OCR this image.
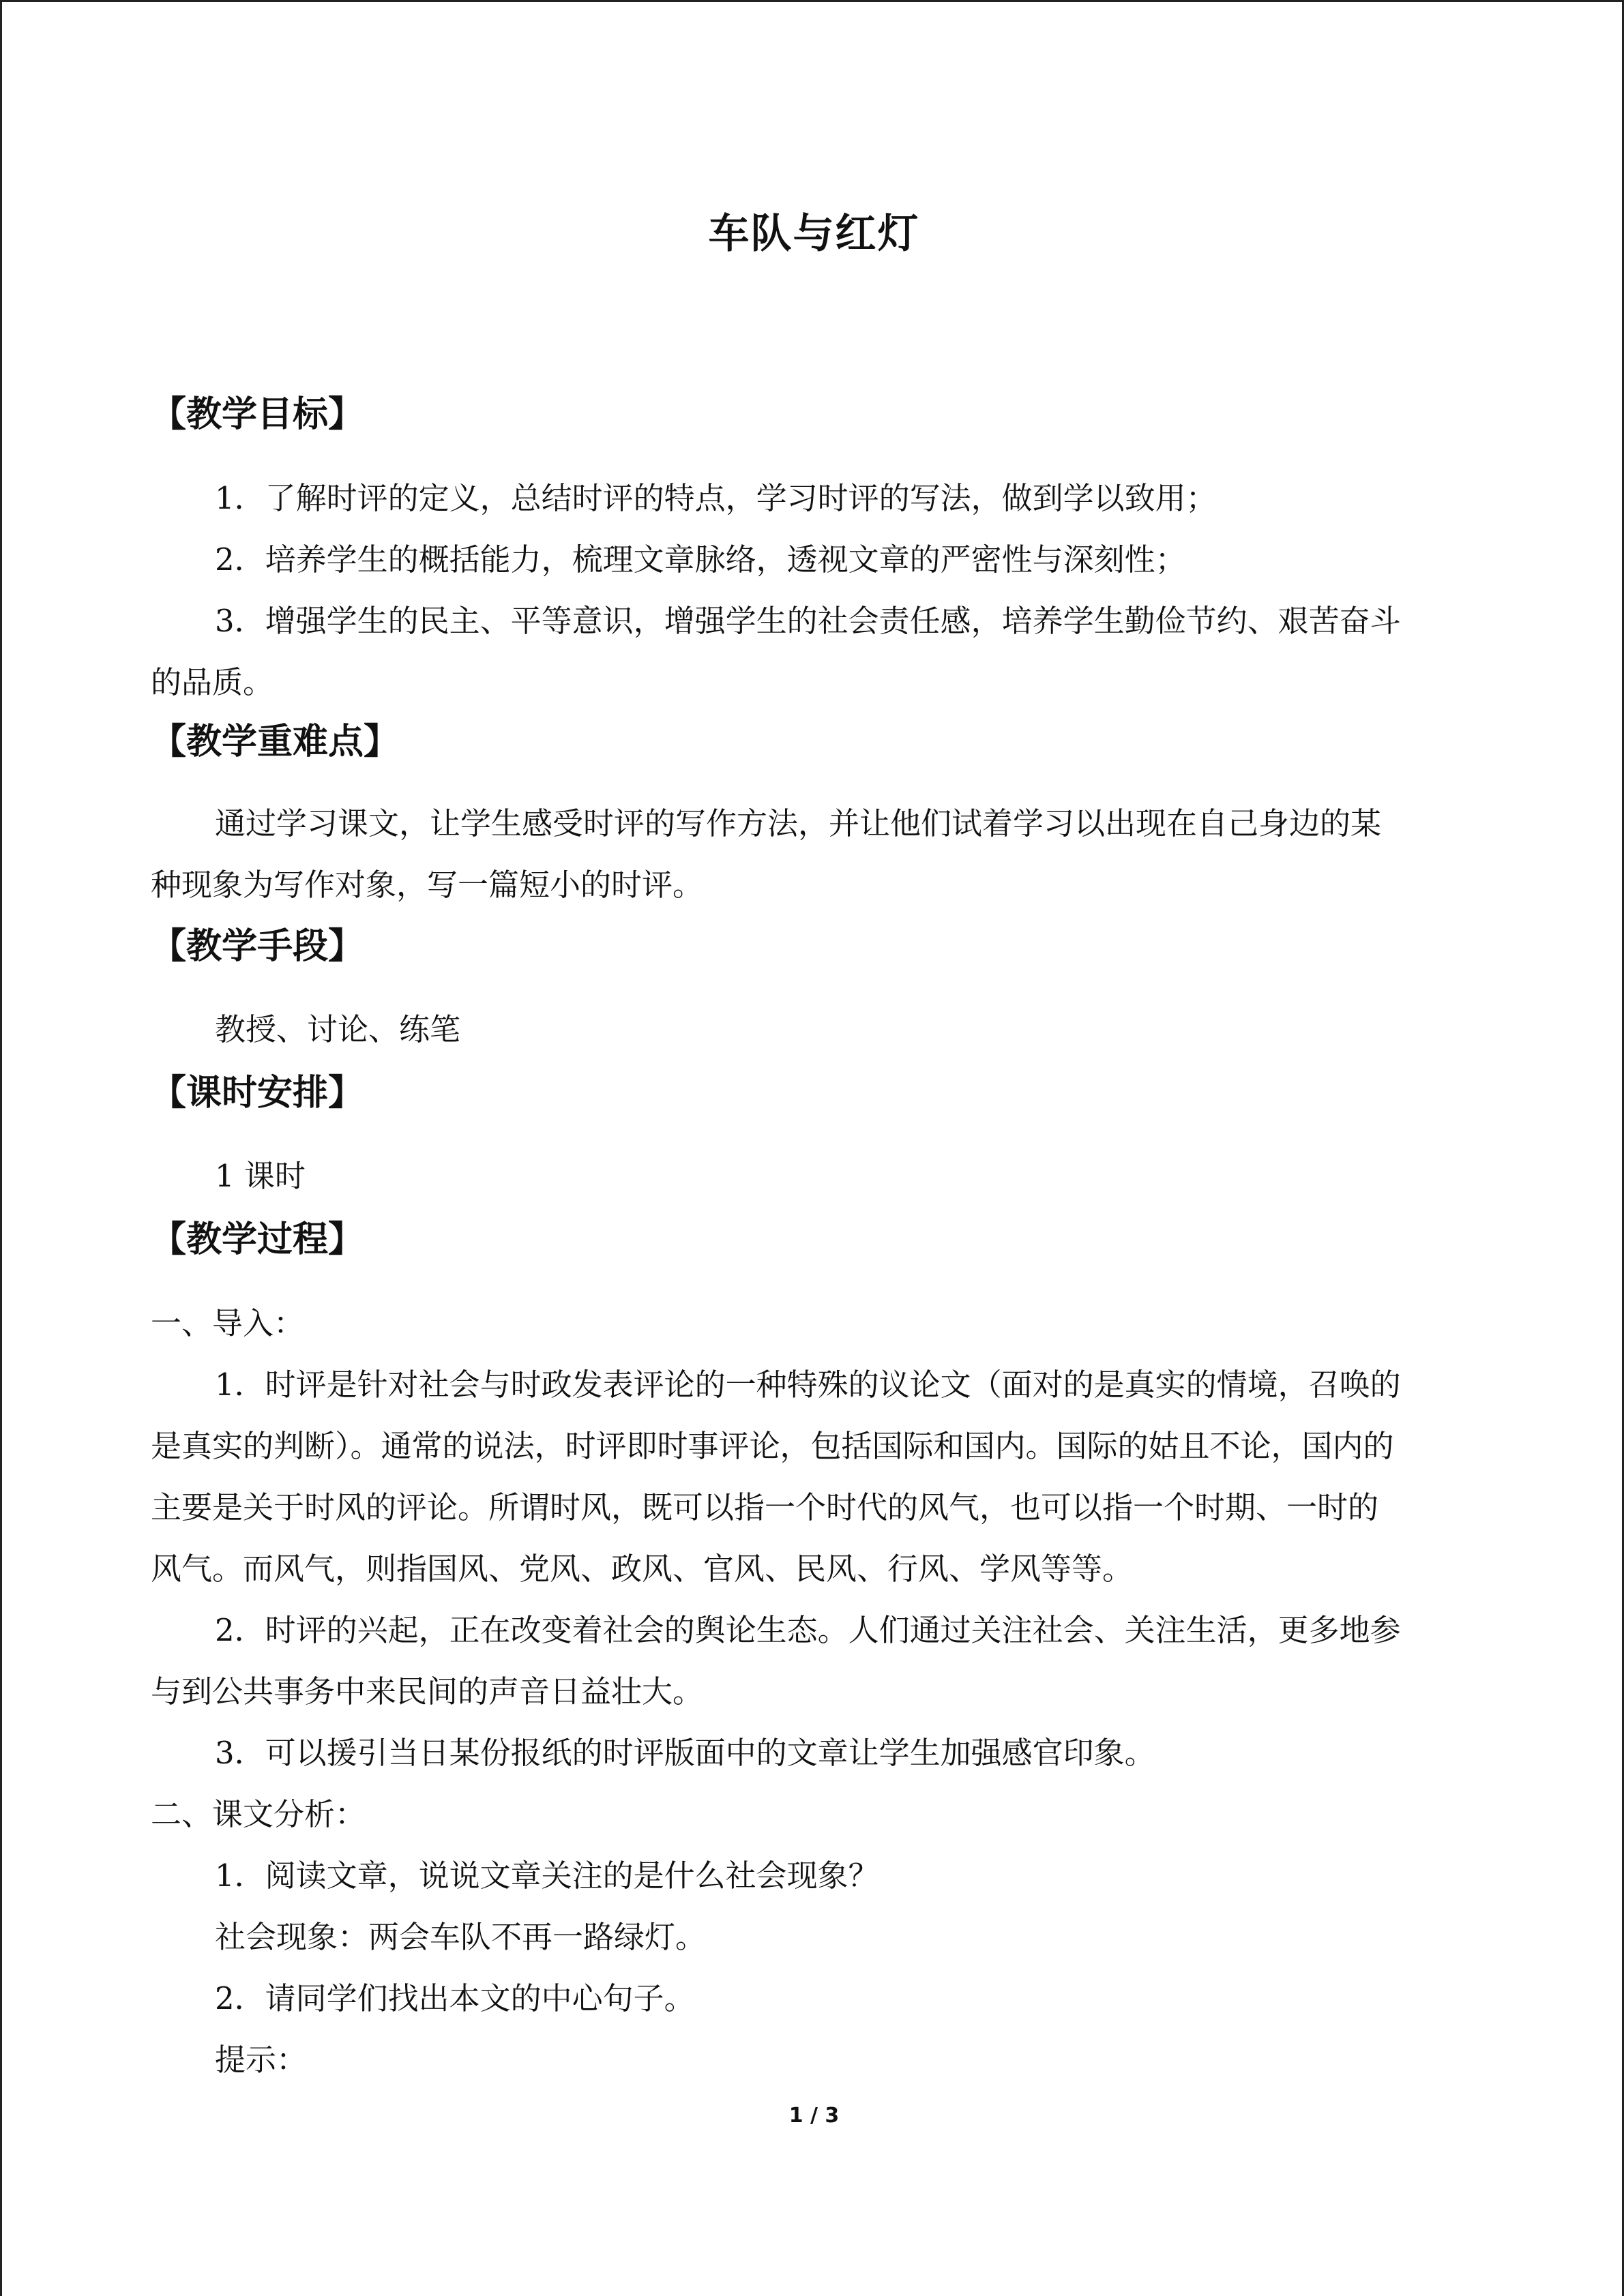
车队与红灯
【教学目标】
1．了解时评的定义，总结时评的特点，学习时评的写法，做到学以致用；
2．培养学生的概括能力，梳理文章脉络，透视文章的严密性与深刻性；
3．增强学生的民主、平等意识，增强学生的社会责任感，培养学生勤俭节约、艰苦奋斗
的品质。
【教学重难点】
通过学习课文，让学生感受时评的写作方法，并让他们试着学习以出现在自己身边的某
种现象为写作对象，写一篇短小的时评。
【教学手段】
教授、讨论、练笔
【课时安排】
1 课时
【教学过程】
一、导入：
1．时评是针对社会与时政发表评论的一种特殊的议论文（面对的是真实的情境，召唤的
是真实的判断）。通常的说法，时评即时事评论，包括国际和国内。国际的姑且不论，国内的
主要是关于时风的评论。所谓时风，既可以指一个时代的风气，也可以指一个时期、一时的
风气。而风气，则指国风、党风、政风、官风、民风、行风、学风等等。
2．时评的兴起，正在改变着社会的舆论生态。人们通过关注社会、关注生活，更多地参
与到公共事务中来民间的声音日益壮大。
3．可以援引当日某份报纸的时评版面中的文章让学生加强感官印象。
二、课文分析：
1．阅读文章，说说文章关注的是什么社会现象？
社会现象：两会车队不再一路绿灯。
2．请同学们找出本文的中心句子。
提示：
1 / 3
